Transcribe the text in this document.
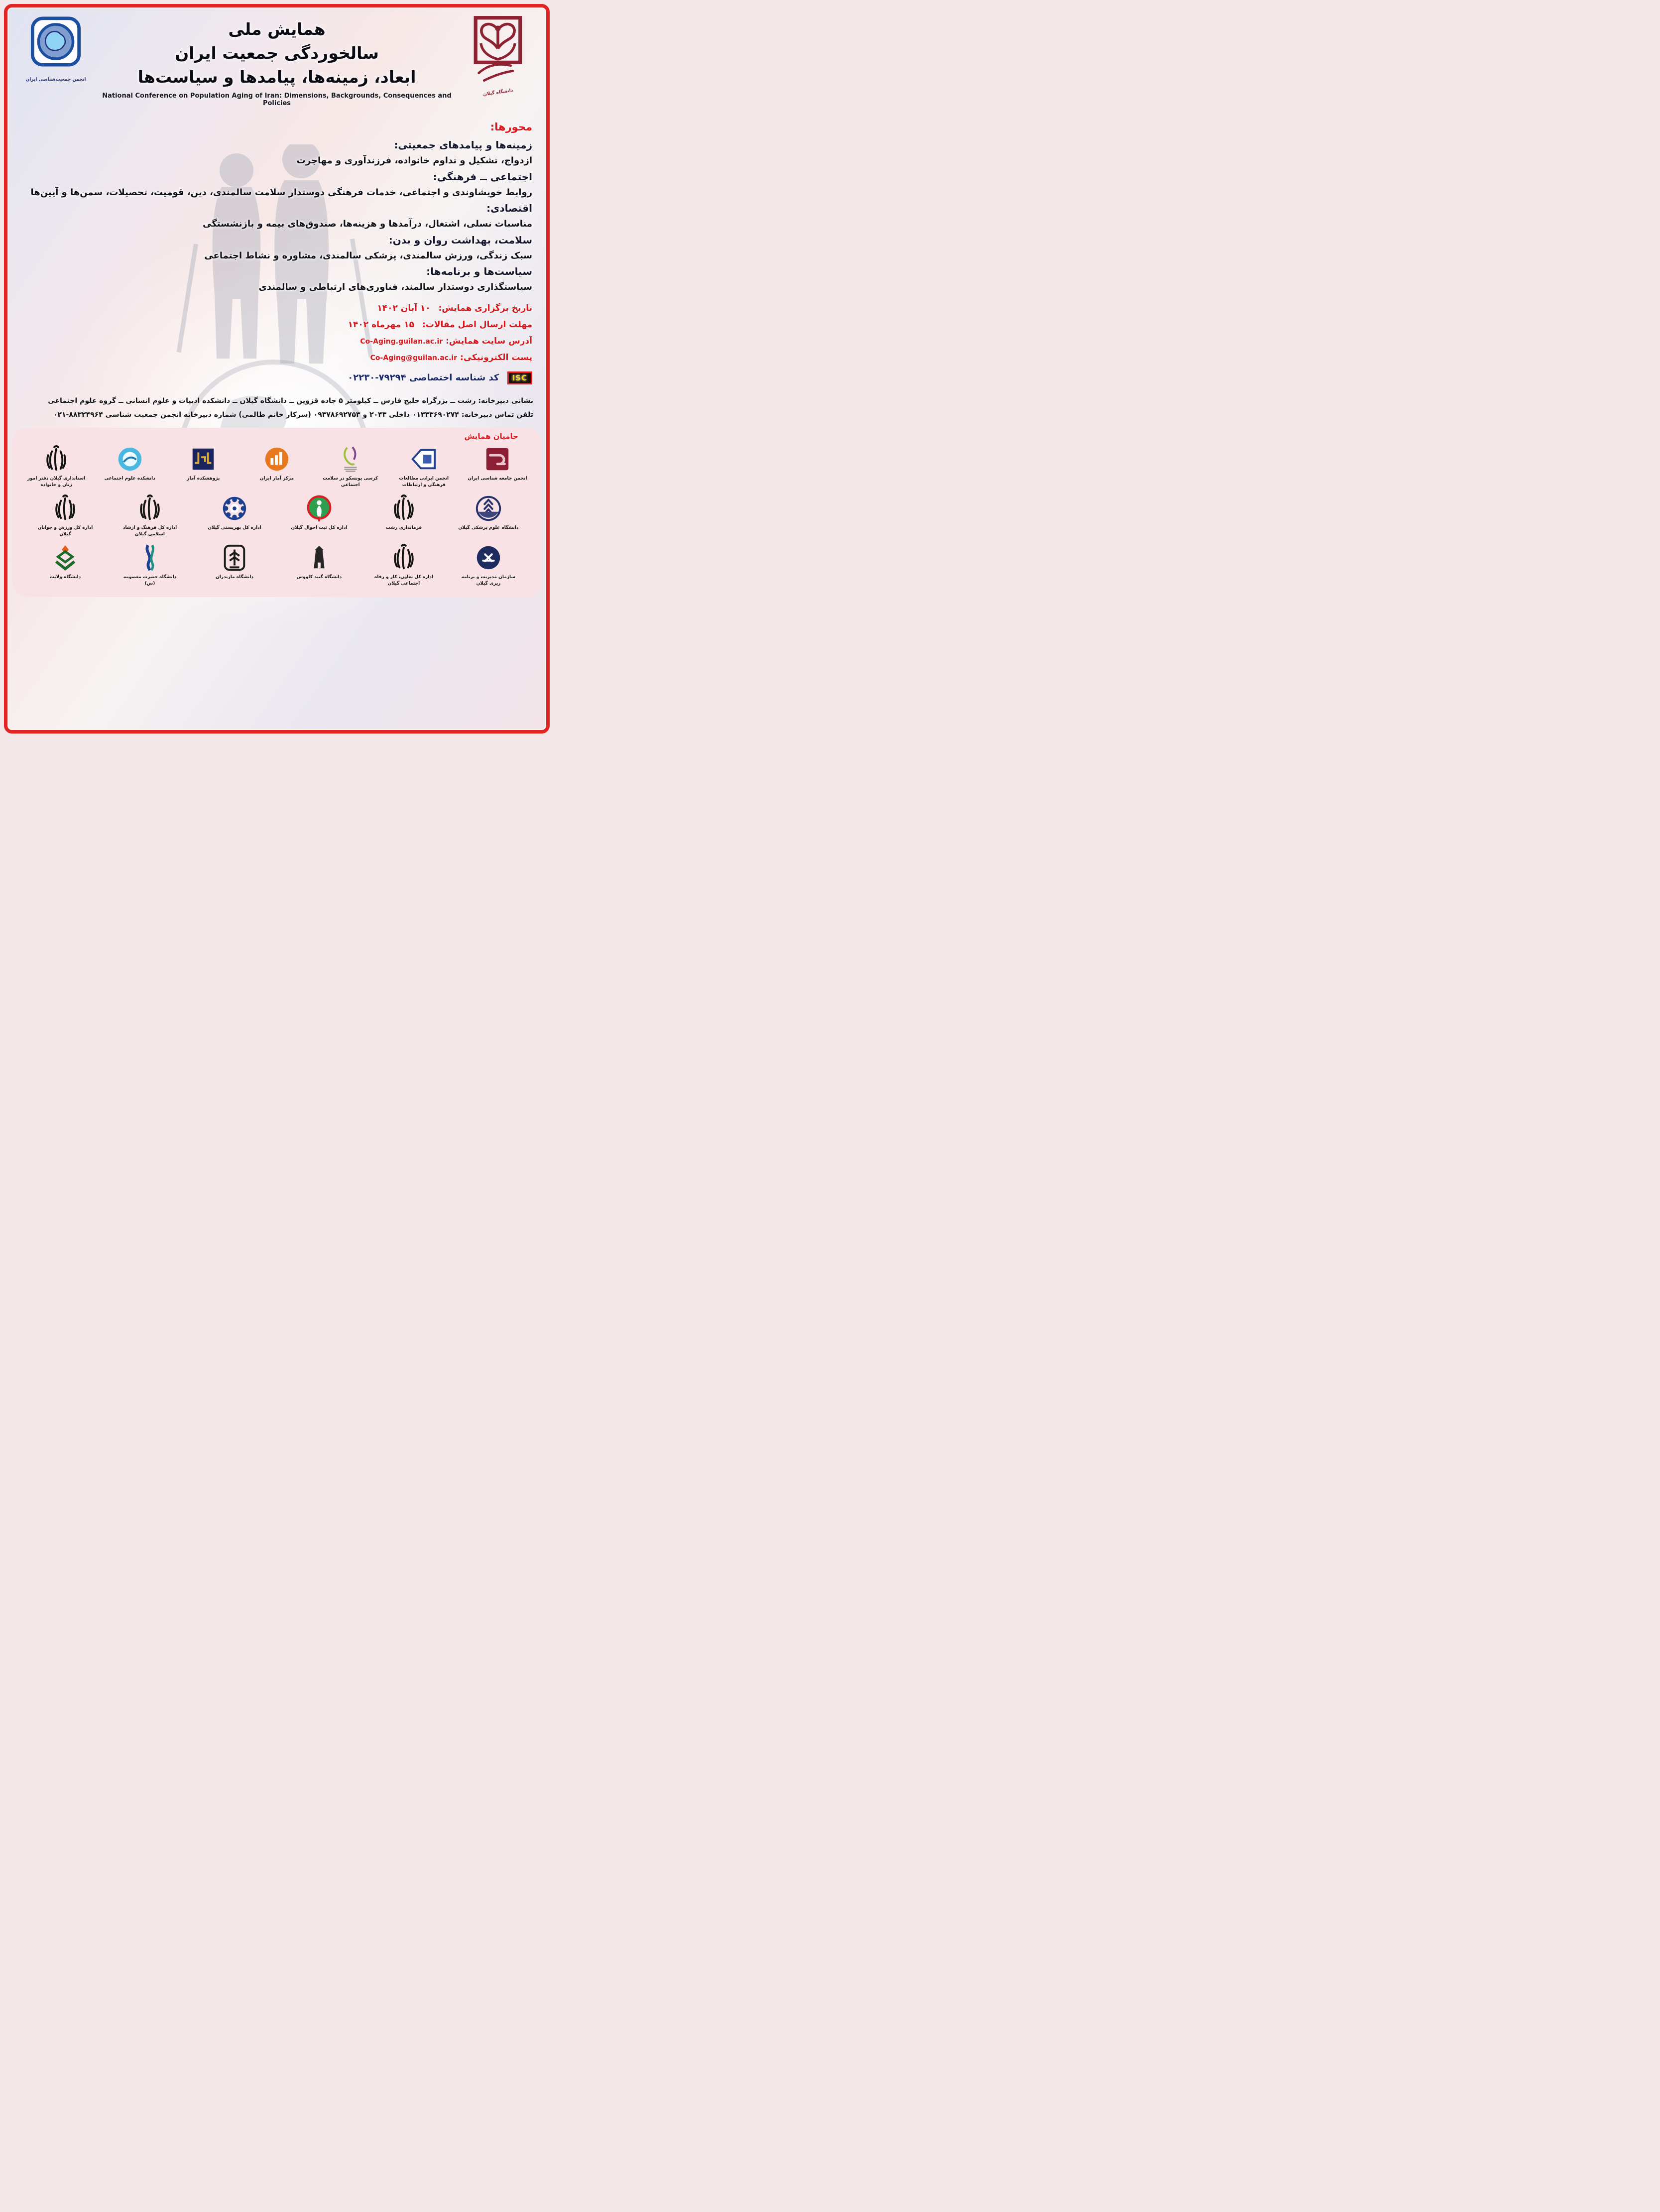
دانشگاه گیلان
همایش ملی
سالخوردگی جمعیت ایران
ابعاد، زمینه‌ها، پیامدها و سیاست‌ها
National Conference on Population Aging of Iran: Dimensions, Backgrounds, Consequences and Policies
انجمن جمعیت‌شناسی ایران
محورها:
زمینه‌ها و پیامدهای جمعیتی:
ازدواج، تشکیل و تداوم خانواده، فرزندآوری و مهاجرت
اجتماعی ــ فرهنگی:
روابط خویشاوندی و اجتماعی، خدمات فرهنگی دوستدار سلامت سالمندی، دین، قومیت، تحصیلات، سمن‌ها و آیین‌ها
اقتصادی:
مناسبات نسلی، اشتغال، درآمدها و هزینه‌ها، صندوق‌های بیمه و بازنشستگی
سلامت، بهداشت روان و بدن:
سبک زندگی، ورزش سالمندی، پزشکی سالمندی، مشاوره و نشاط اجتماعی
سیاست‌ها و برنامه‌ها:
سیاستگذاری دوستدار سالمند، فناوری‌های ارتباطی و سالمندی
تاریخ برگزاری همایش: ۱۰ آبان ۱۴۰۲
مهلت ارسال اصل مقالات: ۱۵ مهرماه ۱۴۰۲
آدرس سایت همایش: Co-Aging.guilan.ac.ir
پست الکترونیکی: Co-Aging@guilan.ac.ir
ISC کد شناسه اختصاصی ۰۲۲۳۰-۷۹۲۹۴
نشانی دبیرخانه: رشت ــ بزرگراه خلیج فارس ــ کیلومتر ۵ جاده قزوین ــ دانشگاه گیلان ــ دانشکده ادبیات و علوم انسانی ــ گروه علوم اجتماعی
تلفن تماس دبیرخانه: ۰۱۳۳۳۶۹۰۲۷۴ داخلی ۲۰۴۳ و ۰۹۳۷۸۶۹۲۷۵۳ (سرکار خانم طالمی) شماره دبیرخانه انجمن جمعیت شناسی ۰۲۱-۸۸۳۲۴۹۶۴
حامیان همایش
انجمن جامعه شناسی ایران
انجمن ایرانی مطالعات فرهنگی و ارتباطات
کرسی یونسکو در سلامت اجتماعی
مرکز آمار ایران
پژوهشکده آمار
دانشکده علوم اجتماعی
استانداری گیلان دفتر امور زنان و خانواده
دانشگاه علوم پزشکی گیلان
فرمانداری رشت
اداره کل ثبت احوال گیلان
اداره کل بهزیستی گیلان
اداره کل فرهنگ و ارشاد اسلامی گیلان
اداره کل ورزش و جوانان گیلان
سازمان مدیریت و برنامه ریزی گیلان
اداره کل تعاون، کار و رفاه اجتماعی گیلان
دانشگاه گنبد کاووس
دانشگاه مازندران
دانشگاه حضرت معصومه (س)
دانشگاه ولایت
